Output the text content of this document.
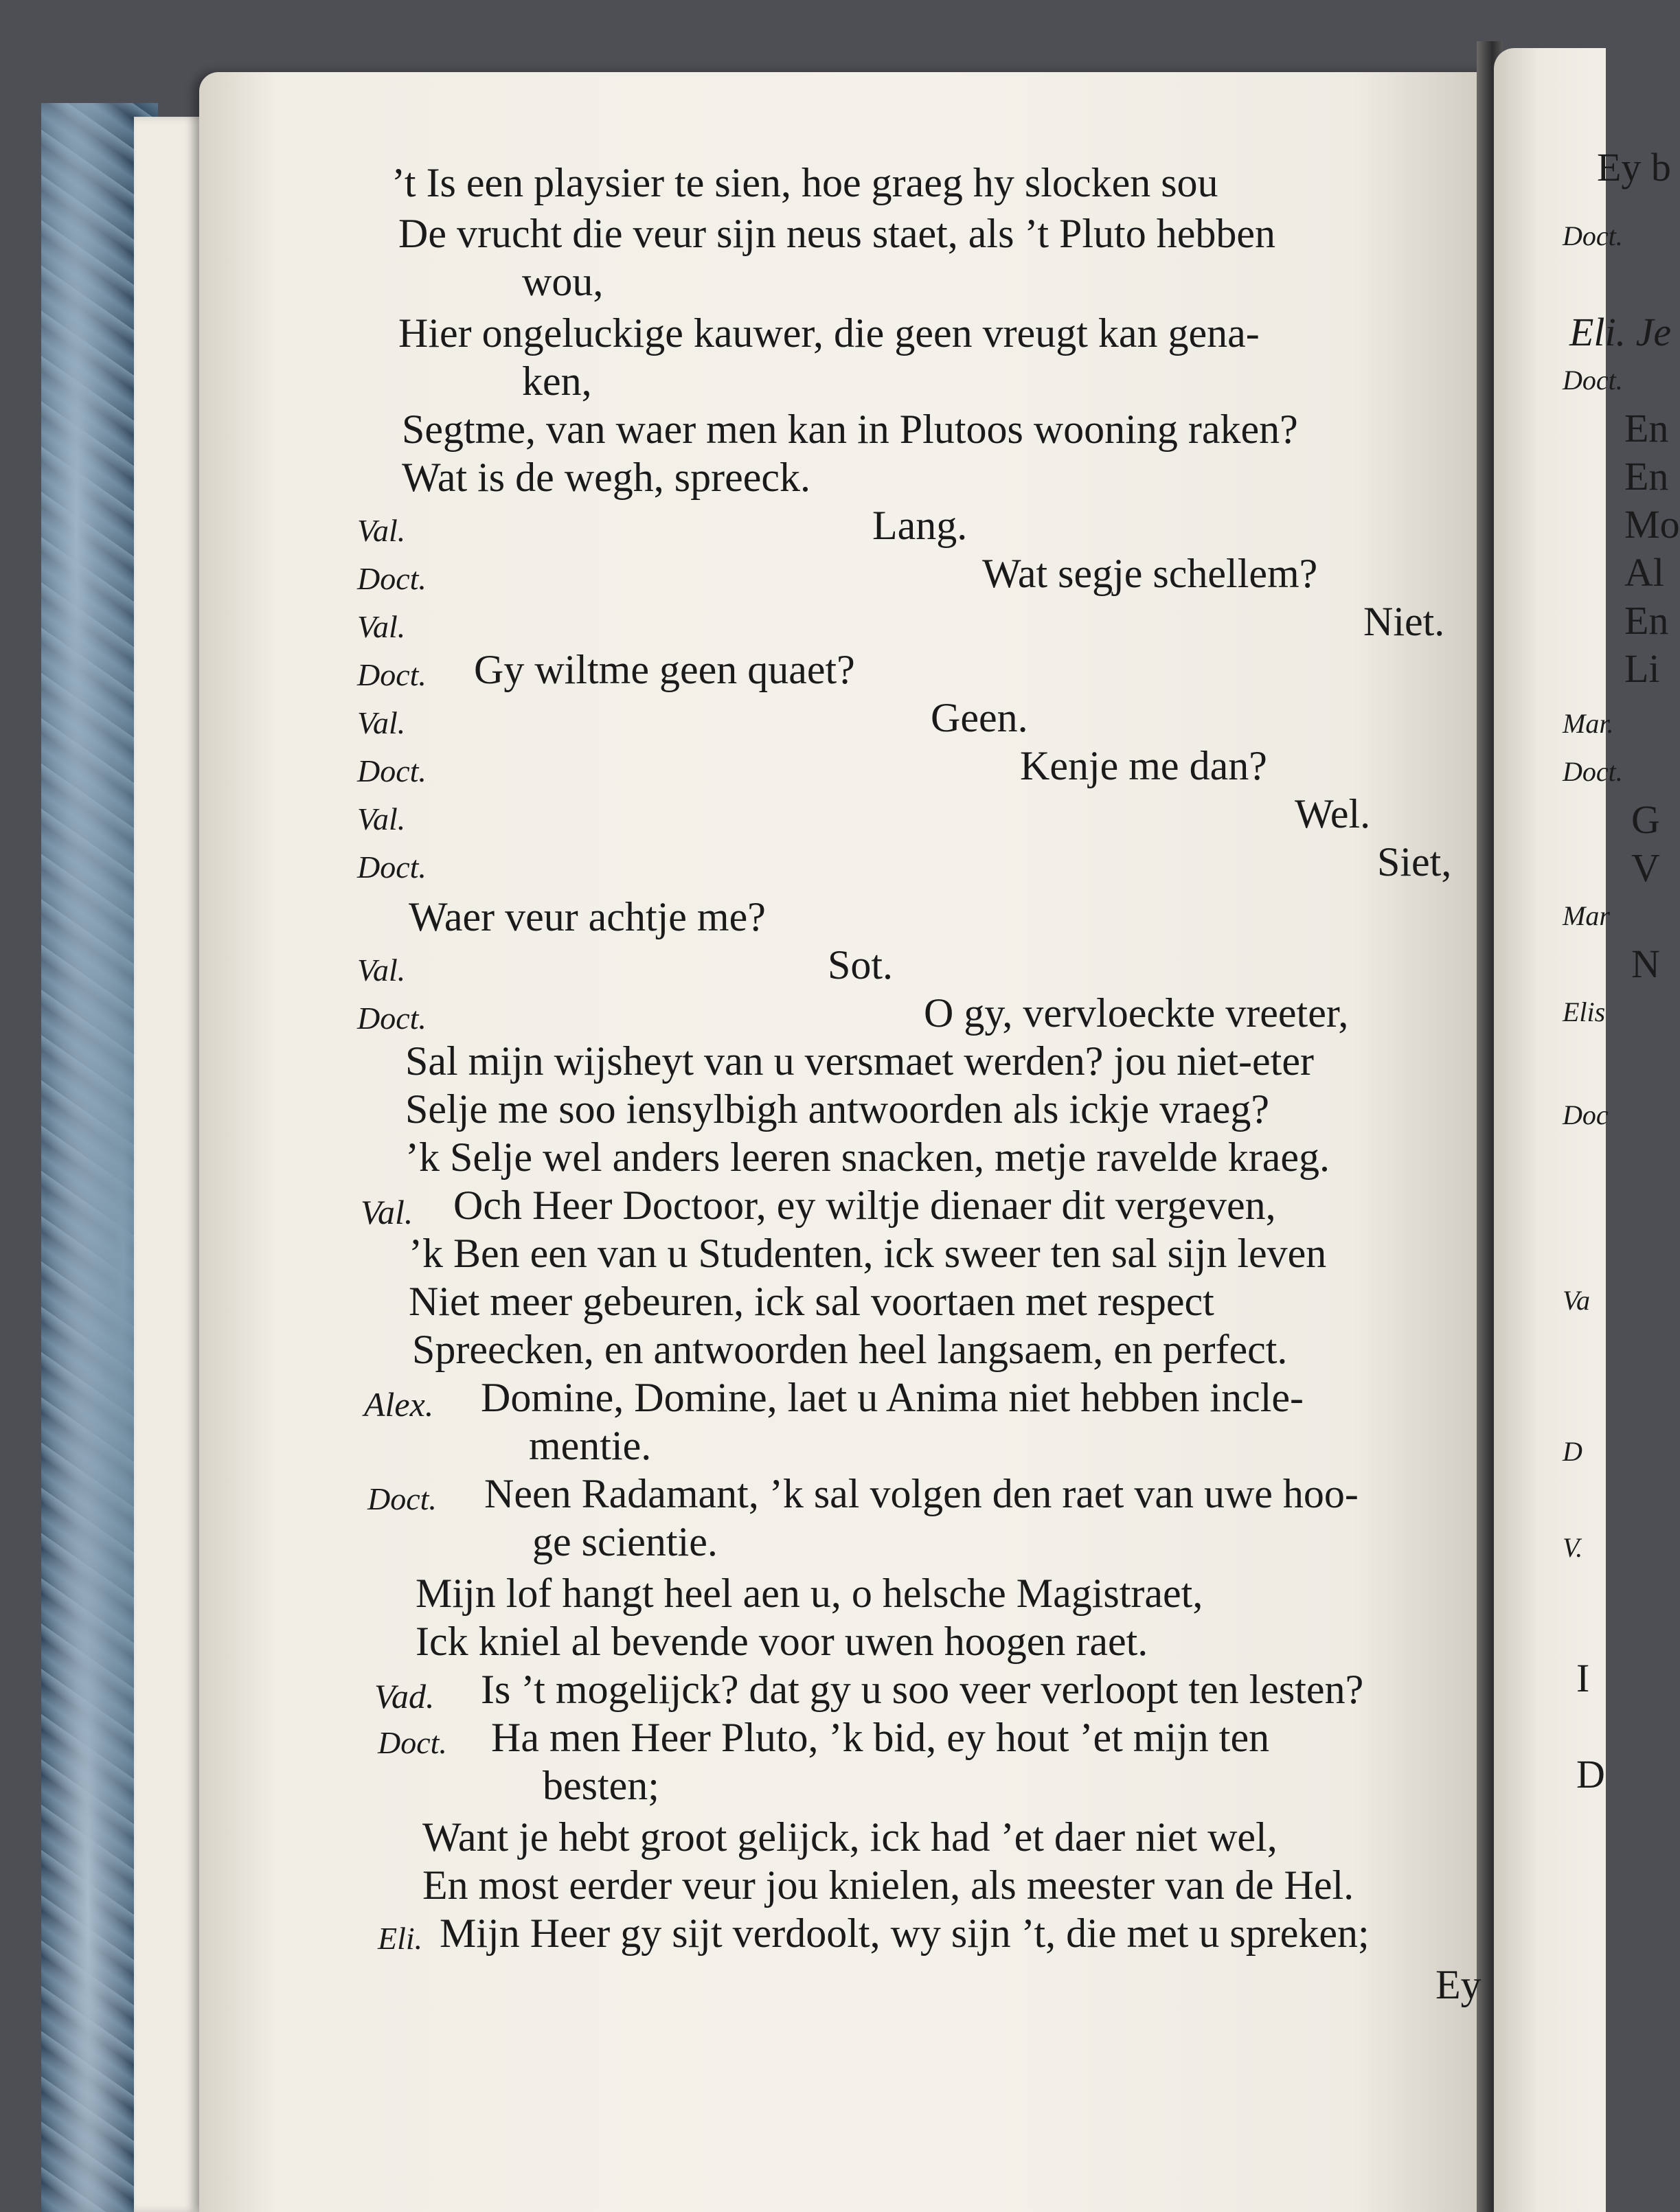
Ey b
Doct.
Eli. Je
Doct.
En
En
Mo
Al
En
Li
Mar.
Doct.
G
V
Mar
N
Elis
Doc
Va
D
V.
I
D
’t Is een playsier te sien, hoe graeg hy slocken sou
De vrucht die veur sijn neus staet, als ’t Pluto hebben
wou,
Hier ongeluckige kauwer, die geen vreugt kan gena-
ken,
Segtme, van waer men kan in Plutoos wooning raken?
Wat is de wegh, spreeck.
Val.	Lang.
Doct.	Wat segje schellem?
Val.	Niet.
Doct. Gy wiltme geen quaet?
Val.	Geen.
Doct.	Kenje me dan?
Val.	Wel.
Doct.	Siet,
Waer veur achtje me?
Val.	Sot.
Doct.	O gy, vervloeckte vreeter,
Sal mijn wijsheyt van u versmaet werden? jou niet-eter
Selje me soo iensylbigh antwoorden als ickje vraeg?
’k Selje wel anders leeren snacken, metje ravelde kraeg.
Val. Och Heer Doctoor, ey wiltje dienaer dit vergeven,
’k Ben een van u Studenten, ick sweer ten sal sijn leven
Niet meer gebeuren, ick sal voortaen met respect
Spreecken, en antwoorden heel langsaem, en perfect.
Alex. Domine, Domine, laet u Anima niet hebben incle-
mentie.
Doct. Neen Radamant, ’k sal volgen den raet van uwe hoo-
ge scientie.
Mijn lof hangt heel aen u, o helsche Magistraet,
Ick kniel al bevende voor uwen hoogen raet.
Vad. Is ’t mogelijck? dat gy u soo veer verloopt ten lesten?
Doct. Ha men Heer Pluto, ’k bid, ey hout ’et mijn ten
besten;
Want je hebt groot gelijck, ick had ’et daer niet wel,
En most eerder veur jou knielen, als meester van de Hel.
Eli. Mijn Heer gy sijt verdoolt, wy sijn ’t, die met u spreken;
Ey
